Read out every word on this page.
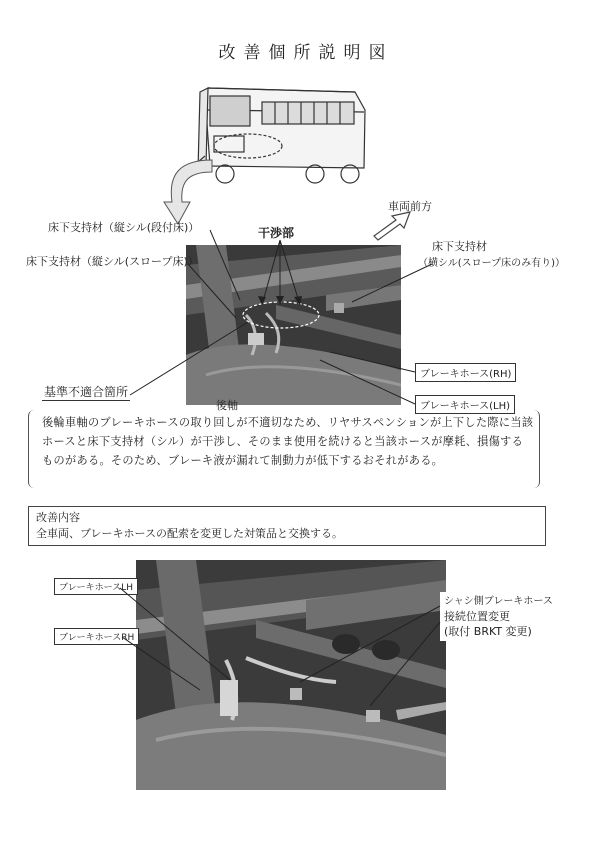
改善個所説明図
車両前方
床下支持材（縦シル(段付床)）
床下支持材（縦シル(スロープ床)）
干渉部
床下支持材
（横シル(スロープ床のみ有り)）
ブレーキホース(RH)
ブレーキホース(LH)
後軸
基準不適合箇所
後輪車軸のブレーキホースの取り回しが不適切なため、リヤサスペンションが上下した際に当該ホースと床下支持材（シル）が干渉し、そのまま使用を続けると当該ホースが摩耗、損傷するものがある。そのため、ブレーキ液が漏れて制動力が低下するおそれがある。
改善内容
全車両、ブレーキホースの配索を変更した対策品と交換する。
ブレーキホースLH
ブレーキホースRH
シャシ側ブレーキホース
接続位置変更
(取付 BRKT 変更)
